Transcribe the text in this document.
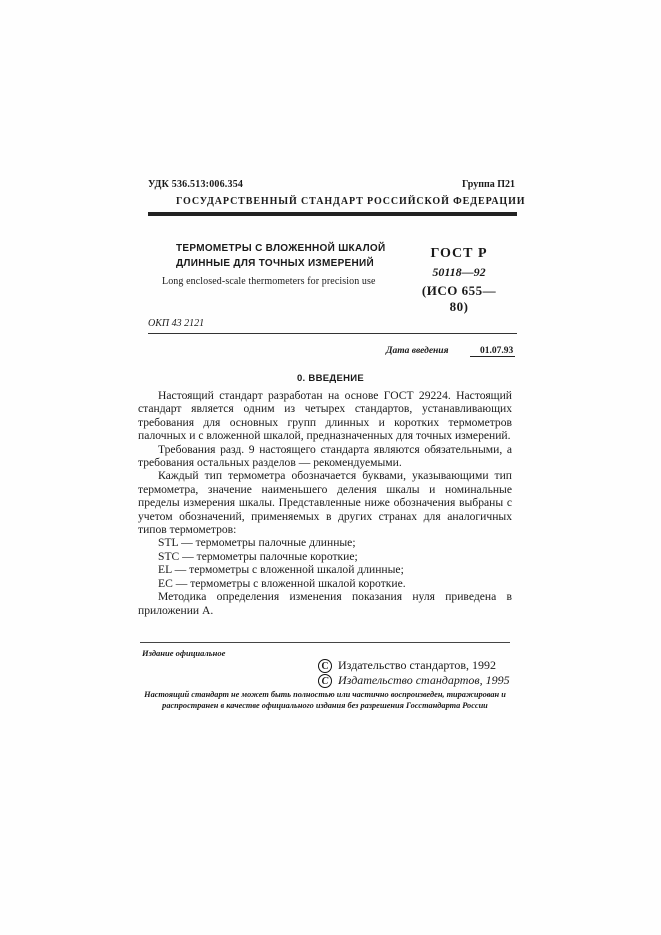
УДК 536.513:006.354	Группа П21
ГОСУДАРСТВЕННЫЙ СТАНДАРТ РОССИЙСКОЙ ФЕДЕРАЦИИ
ТЕРМОМЕТРЫ С ВЛОЖЕННОЙ ШКАЛОЙ
ДЛИННЫЕ ДЛЯ ТОЧНЫХ ИЗМЕРЕНИЙ
Long enclosed-scale thermometers for precision use
ГОСТ Р
50118—92
(ИСО 655—80)
ОКП 43 2121
Дата введения	01.07.93
0. ВВЕДЕНИЕ

Настоящий стандарт разработан на основе ГОСТ 29224. Настоящий стандарт является одним из четырех стандартов, устанавливающих требования для основных групп длинных и коротких термометров палочных и с вложенной шкалой, предназначенных для точных измерений.

Требования разд. 9 настоящего стандарта являются обязательными, а требования остальных разделов — рекомендуемыми.

Каждый тип термометра обозначается буквами, указывающими тип термометра, значение наименьшего деления шкалы и номинальные пределы измерения шкалы. Представленные ниже обозначения выбраны с учетом обозначений, применяемых в других странах для аналогичных типов термометров:

STL — термометры палочные длинные;

STC — термометры палочные короткие;

EL — термометры с вложенной шкалой длинные;

EC — термометры с вложенной шкалой короткие.

Методика определения изменения показания нуля приведена в приложении А.

Издание официальное
С Издательство стандартов, 1992
С Издательство стандартов, 1995
Настоящий стандарт не может быть полностью или частично воспроизведен, тиражирован и распространен в качестве официального издания без разрешения Госстандарта России
